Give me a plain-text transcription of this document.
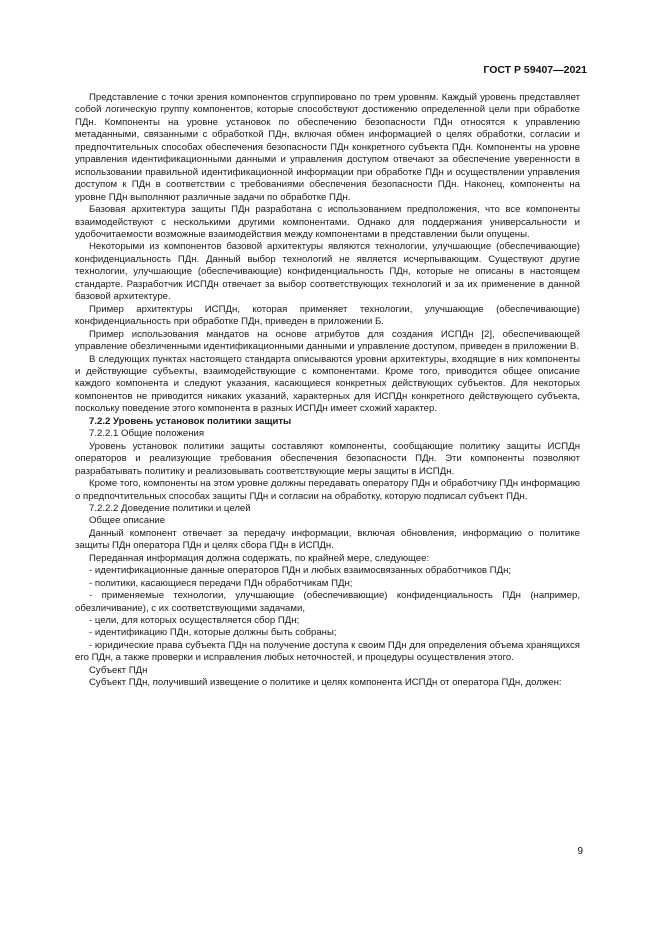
ГОСТ Р 59407—2021

Представление с точки зрения компонентов сгруппировано по трем уровням. Каждый уровень представляет собой логическую группу компонентов, которые способствуют достижению определенной цели при обработке ПДн. Компоненты на уровне установок по обеспечению безопасности ПДн относятся к управлению метаданными, связанными с обработкой ПДн, включая обмен информацией о целях обработки, согласии и предпочтительных способах обеспечения безопасности ПДн конкретного субъекта ПДн. Компоненты на уровне управления идентификационными данными и управления доступом отвечают за обеспечение уверенности в использовании правильной идентификационной информации при обработке ПДн и осуществлении управления доступом к ПДн в соответствии с требованиями обеспечения безопасности ПДн. Наконец, компоненты на уровне ПДн выполняют различные задачи по обработке ПДн.

Базовая архитектура защиты ПДн разработана с использованием предположения, что все компоненты взаимодействуют с несколькими другими компонентами. Однако для поддержания универсальности и удобочитаемости возможные взаимодействия между компонентами в представлении были опущены.

Некоторыми из компонентов базовой архитектуры являются технологии, улучшающие (обеспечивающие) конфиденциальность ПДн. Данный выбор технологий не является исчерпывающим. Существуют другие технологии, улучшающие (обеспечивающие) конфиденциальность ПДн, которые не описаны в настоящем стандарте. Разработчик ИСПДн отвечает за выбор соответствующих технологий и за их применение в данной базовой архитектуре.

Пример архитектуры ИСПДн, которая применяет технологии, улучшающие (обеспечивающие) конфиденциальность при обработке ПДн, приведен в приложении Б.

Пример использования мандатов на основе атрибутов для создания ИСПДн [2], обеспечивающей управление обезличенными идентификационными данными и управление доступом, приведен в приложении В.

В следующих пунктах настоящего стандарта описываются уровни архитектуры, входящие в них компоненты и действующие субъекты, взаимодействующие с компонентами. Кроме того, приводится общее описание каждого компонента и следуют указания, касающиеся конкретных действующих субъектов. Для некоторых компонентов не приводится никаких указаний, характерных для ИСПДн конкретного действующего субъекта, поскольку поведение этого компонента в разных ИСПДн имеет схожий характер.

7.2.2 Уровень установок политики защиты

7.2.2.1 Общие положения

Уровень установок политики защиты составляют компоненты, сообщающие политику защиты ИСПДн операторов и реализующие требования обеспечения безопасности ПДн. Эти компоненты позволяют разрабатывать политику и реализовывать соответствующие меры защиты в ИСПДн.

Кроме того, компоненты на этом уровне должны передавать оператору ПДн и обработчику ПДн информацию о предпочтительных способах защиты ПДн и согласии на обработку, которую подписал субъект ПДн.

7.2.2.2 Доведение политики и целей

Общее описание

Данный компонент отвечает за передачу информации, включая обновления, информацию о политике защиты ПДн оператора ПДн и целях сбора ПДн в ИСПДн.

Переданная информация должна содержать, по крайней мере, следующее:

- идентификационные данные операторов ПДн и любых взаимосвязанных обработчиков ПДн;

- политики, касающиеся передачи ПДн обработчикам ПДн;

- применяемые технологии, улучшающие (обеспечивающие) конфиденциальность ПДн (например, обезличивание), с их соответствующими задачами,

- цели, для которых осуществляется сбор ПДн;

- идентификацию ПДн, которые должны быть собраны;

- юридические права субъекта ПДн на получение доступа к своим ПДн для определения объема хранящихся его ПДн, а также проверки и исправления любых неточностей, и процедуры осуществления этого.

Субъект ПДн

Субъект ПДн, получивший извещение о политике и целях компонента ИСПДн от оператора ПДн, должен:

9
